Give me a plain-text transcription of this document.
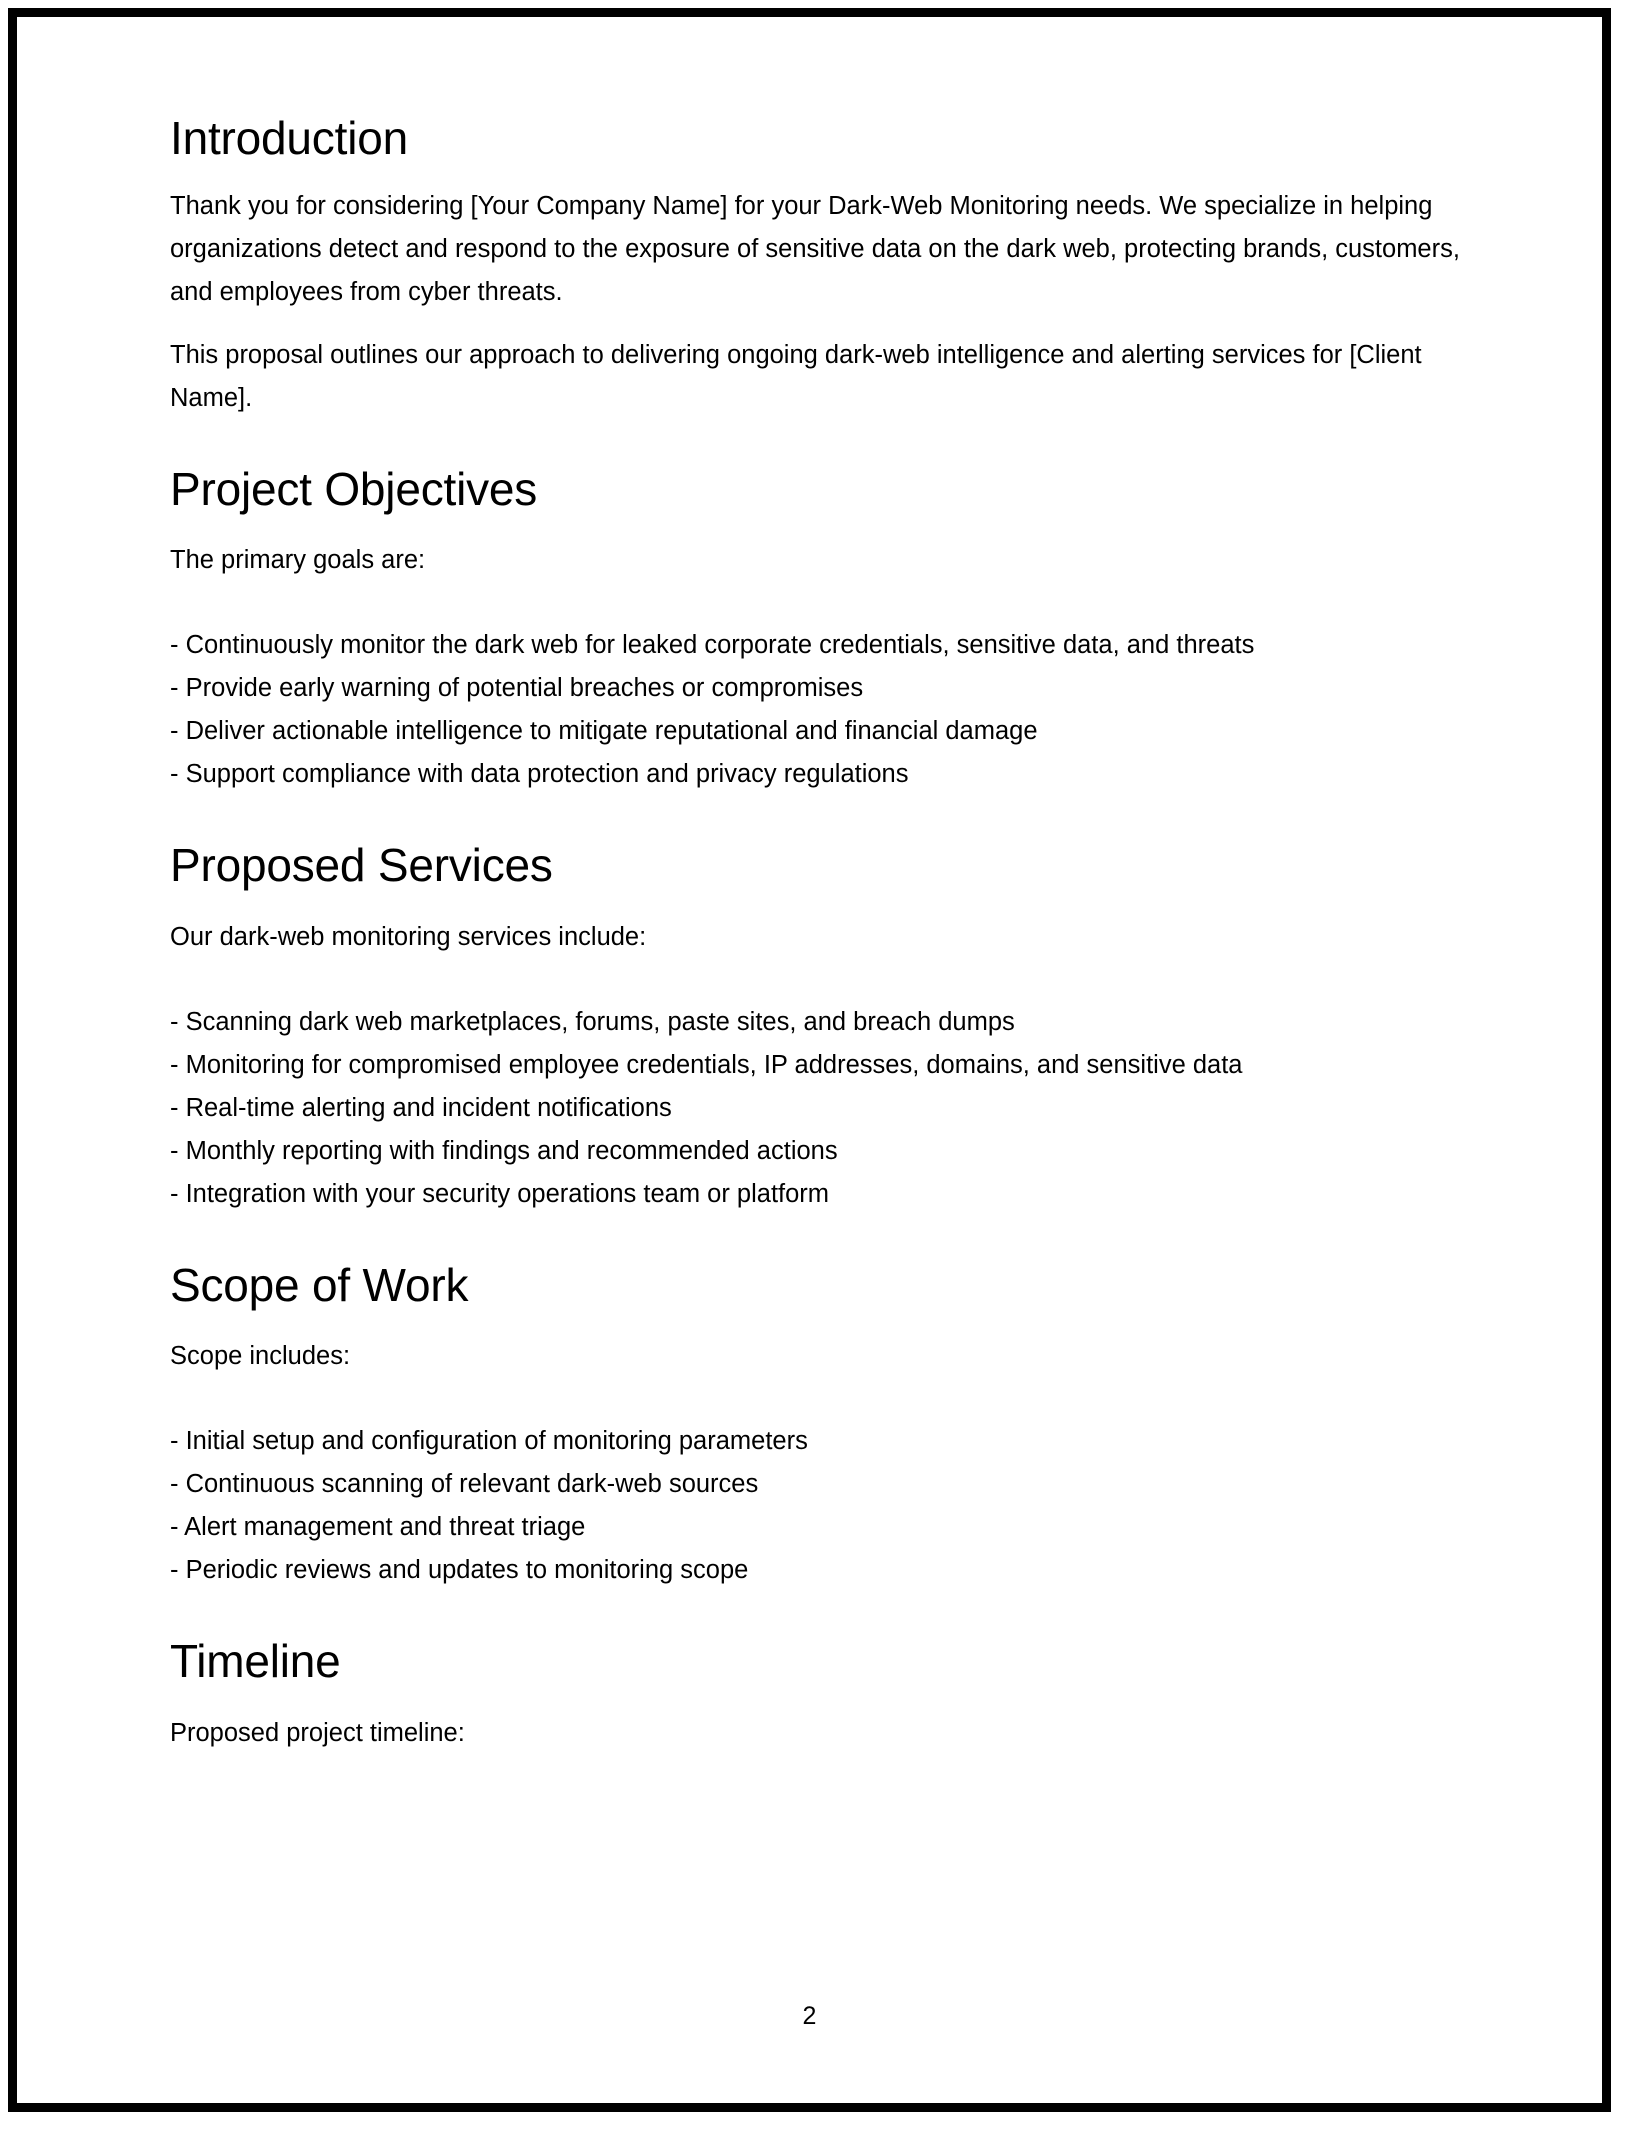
Introduction

Thank you for considering [Your Company Name] for your Dark-Web Monitoring needs. We specialize in helping organizations detect and respond to the exposure of sensitive data on the dark web, protecting brands, customers, and employees from cyber threats.

This proposal outlines our approach to delivering ongoing dark-web intelligence and alerting services for [Client Name].

Project Objectives

The primary goals are:

- Continuously monitor the dark web for leaked corporate credentials, sensitive data, and threats
- Provide early warning of potential breaches or compromises
- Deliver actionable intelligence to mitigate reputational and financial damage
- Support compliance with data protection and privacy regulations
Proposed Services

Our dark-web monitoring services include:

- Scanning dark web marketplaces, forums, paste sites, and breach dumps
- Monitoring for compromised employee credentials, IP addresses, domains, and sensitive data
- Real-time alerting and incident notifications
- Monthly reporting with findings and recommended actions
- Integration with your security operations team or platform
Scope of Work

Scope includes:

- Initial setup and configuration of monitoring parameters
- Continuous scanning of relevant dark-web sources
- Alert management and threat triage
- Periodic reviews and updates to monitoring scope
Timeline

Proposed project timeline:

2
